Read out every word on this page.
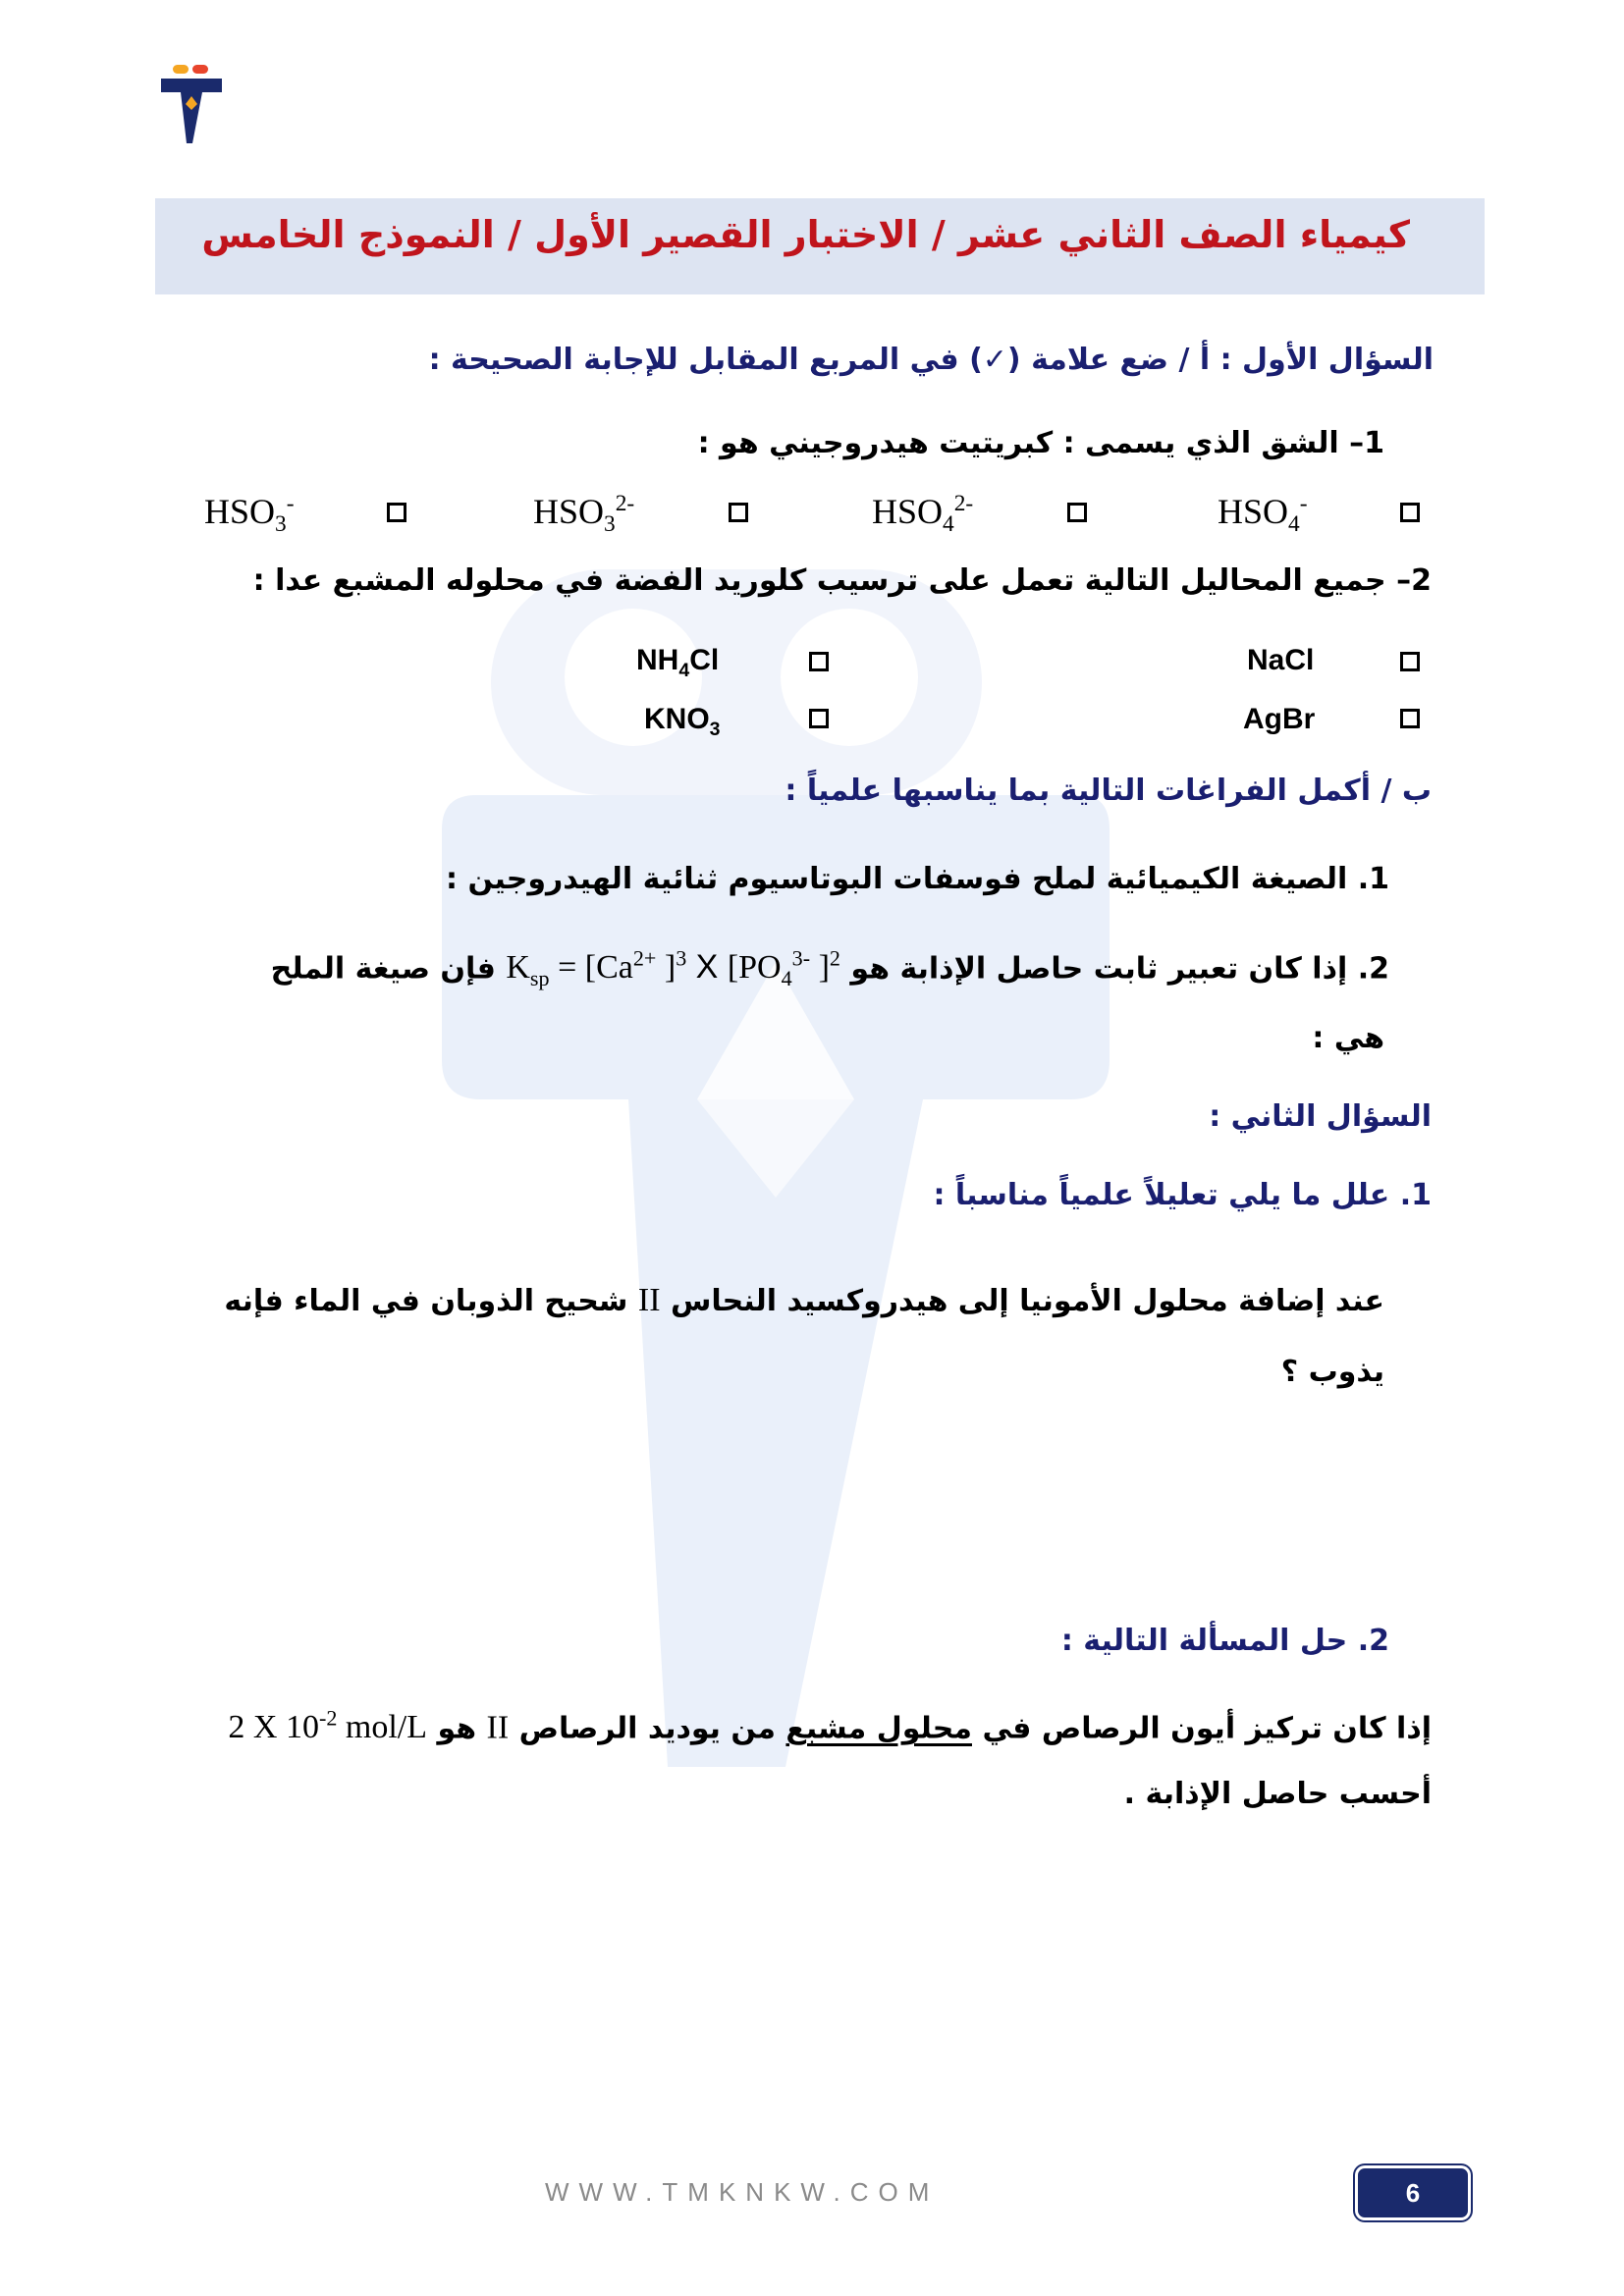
كيمياء الصف الثاني عشر / الاختبار القصير الأول / النموذج الخامس
السؤال الأول : أ / ضع علامة (✓) في المربع المقابل للإجابة الصحيحة :
1– الشق الذي يسمى : كبريتيت هيدروجيني هو :
$HSO_3^-$	$HSO_3^{2-}$	$HSO_4^{2-}$	$HSO_4^-$
2– جميع المحاليل التالية تعمل على ترسيب كلوريد الفضة في محلوله المشبع عدا :
$NH_4Cl$	NaCl
$KNO_3$	AgBr
ب / أكمل الفراغات التالية بما يناسبها علمياً :
1. الصيغة الكيميائية لملح فوسفات البوتاسيوم ثنائية الهيدروجين :
2. إذا كان تعبير ثابت حاصل الإذابة هو $K_{sp} = [Ca^{2+}$ ]$^3$ X [$PO_4^{3-}$ ]$^2$ فإن صيغة الملح
هي :
السؤال الثاني :
1. علل ما يلي تعليلاً علمياً مناسباً :
عند إضافة محلول الأمونيا إلى هيدروكسيد النحاس II شحيح الذوبان في الماء فإنه
يذوب ؟
2. حل المسألة التالية :
إذا كان تركيز أيون الرصاص في محلول مشبع من يوديد الرصاص II هو 2 X $10^{-2}$ mol/L
أحسب حاصل الإذابة .
WWW.TMKNKW.COM	6
